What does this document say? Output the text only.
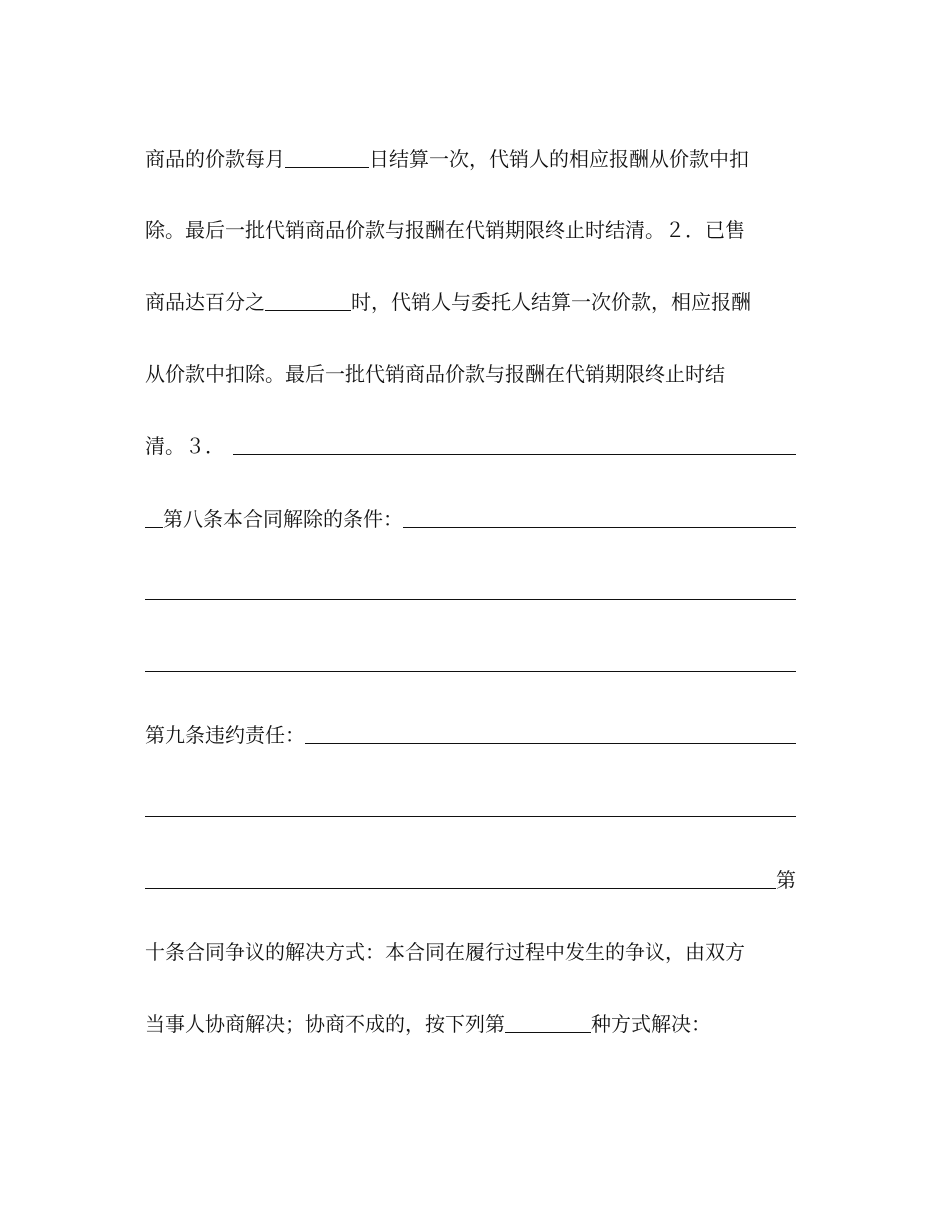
商品的价款每月	日结算一次，代销人的相应报酬从价款中扣
除。最后一批代销商品价款与报酬在代销期限终止时结清。２．已售
商品达百分之	时，代销人与委托人结算一次价款，相应报酬
从价款中扣除。最后一批代销商品价款与报酬在代销期限终止时结
清。３．
第八条本合同解除的条件：
第九条违约责任：
第
十条合同争议的解决方式：本合同在履行过程中发生的争议，由双方
当事人协商解决；协商不成的，按下列第	种方式解决：
